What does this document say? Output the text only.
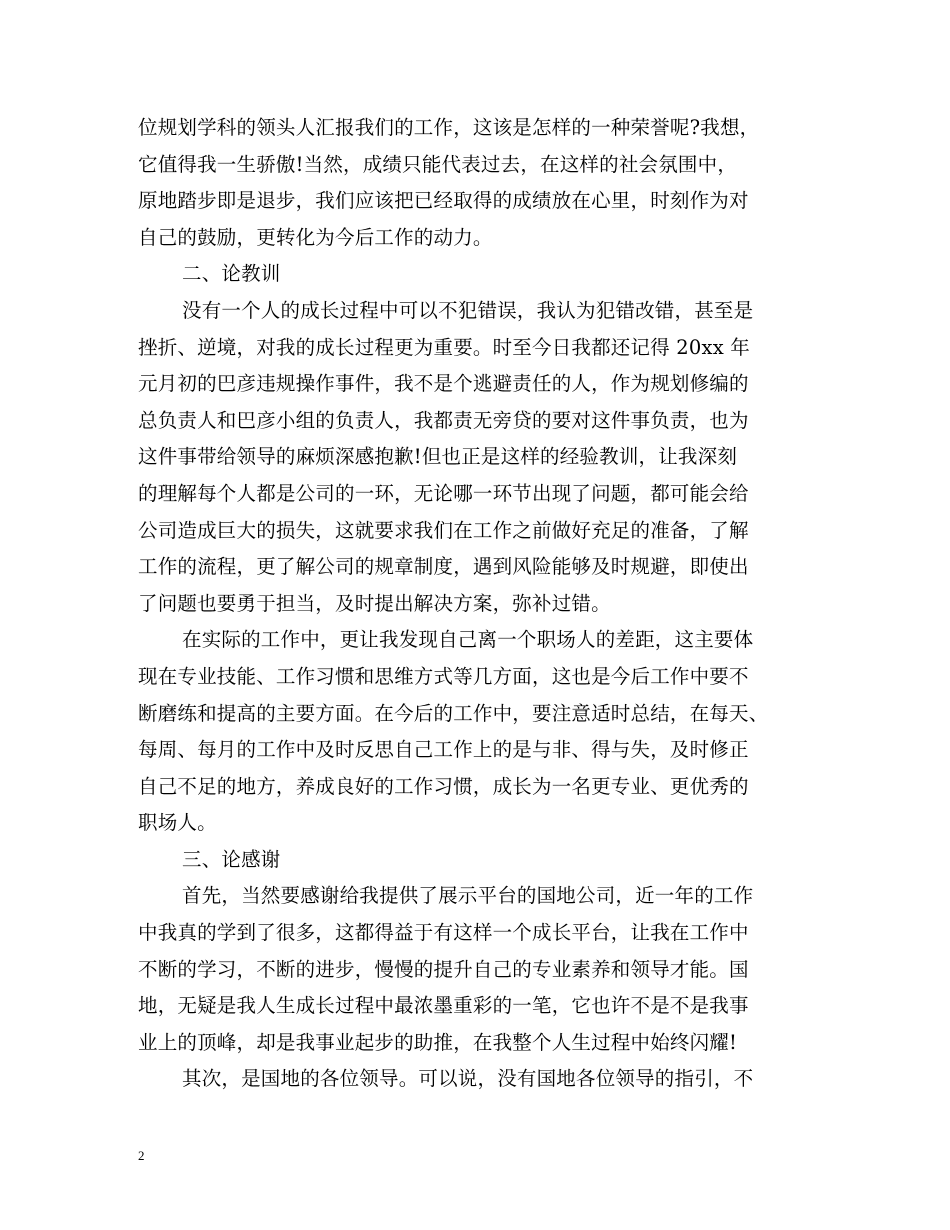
位规划学科的领头人汇报我们的工作，这该是怎样的一种荣誉呢?我想，
它值得我一生骄傲!当然，成绩只能代表过去，在这样的社会氛围中，
原地踏步即是退步，我们应该把已经取得的成绩放在心里，时刻作为对
自己的鼓励，更转化为今后工作的动力。
二、论教训
没有一个人的成长过程中可以不犯错误，我认为犯错改错，甚至是
挫折、逆境，对我的成长过程更为重要。时至今日我都还记得 20xx 年
元月初的巴彦违规操作事件，我不是个逃避责任的人，作为规划修编的
总负责人和巴彦小组的负责人，我都责无旁贷的要对这件事负责，也为
这件事带给领导的麻烦深感抱歉!但也正是这样的经验教训，让我深刻
的理解每个人都是公司的一环，无论哪一环节出现了问题，都可能会给
公司造成巨大的损失，这就要求我们在工作之前做好充足的准备，了解
工作的流程，更了解公司的规章制度，遇到风险能够及时规避，即使出
了问题也要勇于担当，及时提出解决方案，弥补过错。
在实际的工作中，更让我发现自己离一个职场人的差距，这主要体
现在专业技能、工作习惯和思维方式等几方面，这也是今后工作中要不
断磨练和提高的主要方面。在今后的工作中，要注意适时总结，在每天、
每周、每月的工作中及时反思自己工作上的是与非、得与失，及时修正
自己不足的地方，养成良好的工作习惯，成长为一名更专业、更优秀的
职场人。
三、论感谢
首先，当然要感谢给我提供了展示平台的国地公司，近一年的工作
中我真的学到了很多，这都得益于有这样一个成长平台，让我在工作中
不断的学习，不断的进步，慢慢的提升自己的专业素养和领导才能。国
地，无疑是我人生成长过程中最浓墨重彩的一笔，它也许不是不是我事
业上的顶峰，却是我事业起步的助推，在我整个人生过程中始终闪耀!
其次，是国地的各位领导。可以说，没有国地各位领导的指引，不
2
